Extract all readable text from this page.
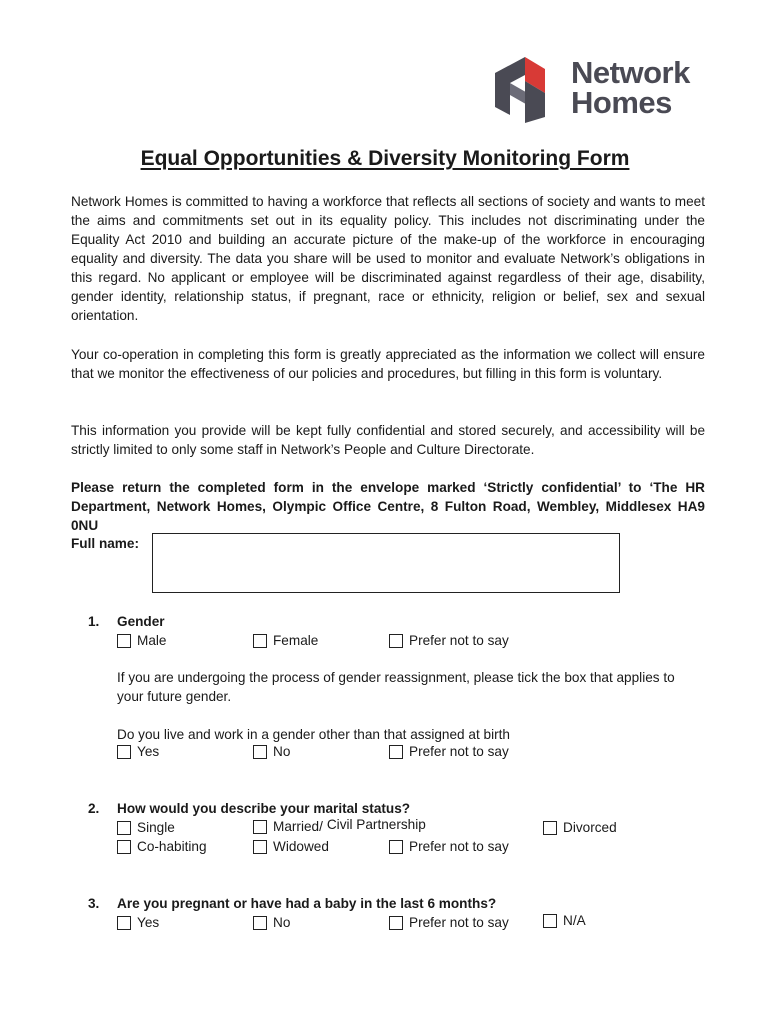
Network
Homes
Equal Opportunities & Diversity Monitoring Form

Network Homes is committed to having a workforce that reflects all sections of society and wants to meet the aims and commitments set out in its equality policy. This includes not discriminating under the Equality Act 2010 and building an accurate picture of the make-up of the workforce in encouraging equality and diversity. The data you share will be used to monitor and evaluate Network’s obligations in this regard. No applicant or employee will be discriminated against regardless of their age, disability, gender identity, relationship status, if pregnant, race or ethnicity, religion or belief, sex and sexual orientation.

Your co-operation in completing this form is greatly appreciated as the information we collect will ensure that we monitor the effectiveness of our policies and procedures, but filling in this form is voluntary.

This information you provide will be kept fully confidential and stored securely, and accessibility will be strictly limited to only some staff in Network’s People and Culture Directorate.

Please return the completed form in the envelope marked ‘Strictly confidential’ to ‘The HR Department, Network Homes, Olympic Office Centre, 8 Fulton Road, Wembley, Middlesex HA9 0NU

Full name:
1. Gender
Male	Female	Prefer not to say
If you are undergoing the process of gender reassignment, please tick the box that applies to your future gender.
Do you live and work in a gender other than that assigned at birth
Yes	No	Prefer not to say
2. How would you describe your marital status?
Single	Married/ Civil Partnership	Divorced
Co-habiting	Widowed	Prefer not to say
3. Are you pregnant or have had a baby in the last 6 months?
Yes	No	Prefer not to say	N/A
